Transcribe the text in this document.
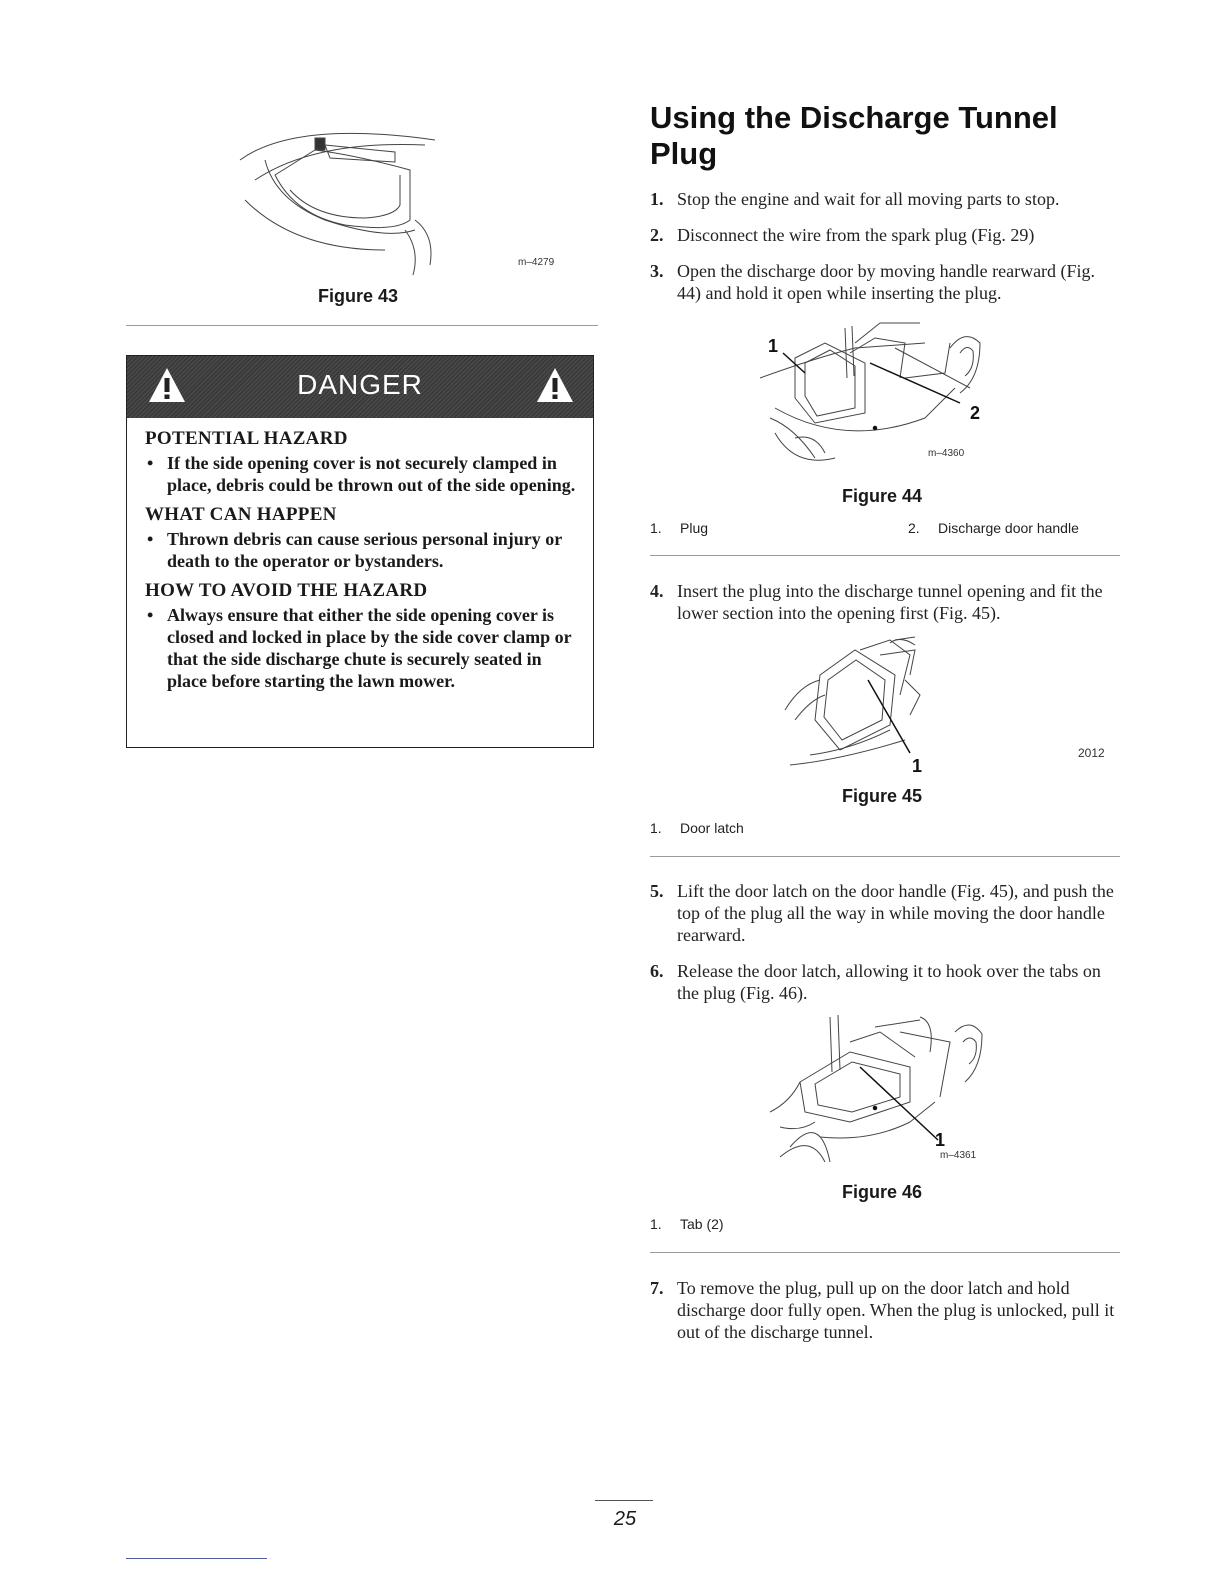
m–4279
Figure 43
DANGER
POTENTIAL HAZARD
• If the side opening cover is not securely clamped in place, debris could be thrown out of the side opening.
WHAT CAN HAPPEN
• Thrown debris can cause serious personal injury or death to the operator or bystanders.
HOW TO AVOID THE HAZARD
• Always ensure that either the side opening cover is closed and locked in place by the side cover clamp or that the side discharge chute is securely seated in place before starting the lawn mower.
Using the Discharge Tunnel Plug
1. Stop the engine and wait for all moving parts to stop.
2. Disconnect the wire from the spark plug (Fig. 29)
3. Open the discharge door by moving handle rearward (Fig. 44) and hold it open while inserting the plug.
1
2
m–4360
Figure 44
1. Plug	2. Discharge door handle
4. Insert the plug into the discharge tunnel opening and fit the lower section into the opening first (Fig. 45).
1
2012
Figure 45
1. Door latch
5. Lift the door latch on the door handle (Fig. 45), and push the top of the plug all the way in while moving the door handle rearward.
6. Release the door latch, allowing it to hook over the tabs on the plug (Fig. 46).
1
m–4361
Figure 46
1. Tab (2)
7. To remove the plug, pull up on the door latch and hold discharge door fully open. When the plug is unlocked, pull it out of the discharge tunnel.
25
